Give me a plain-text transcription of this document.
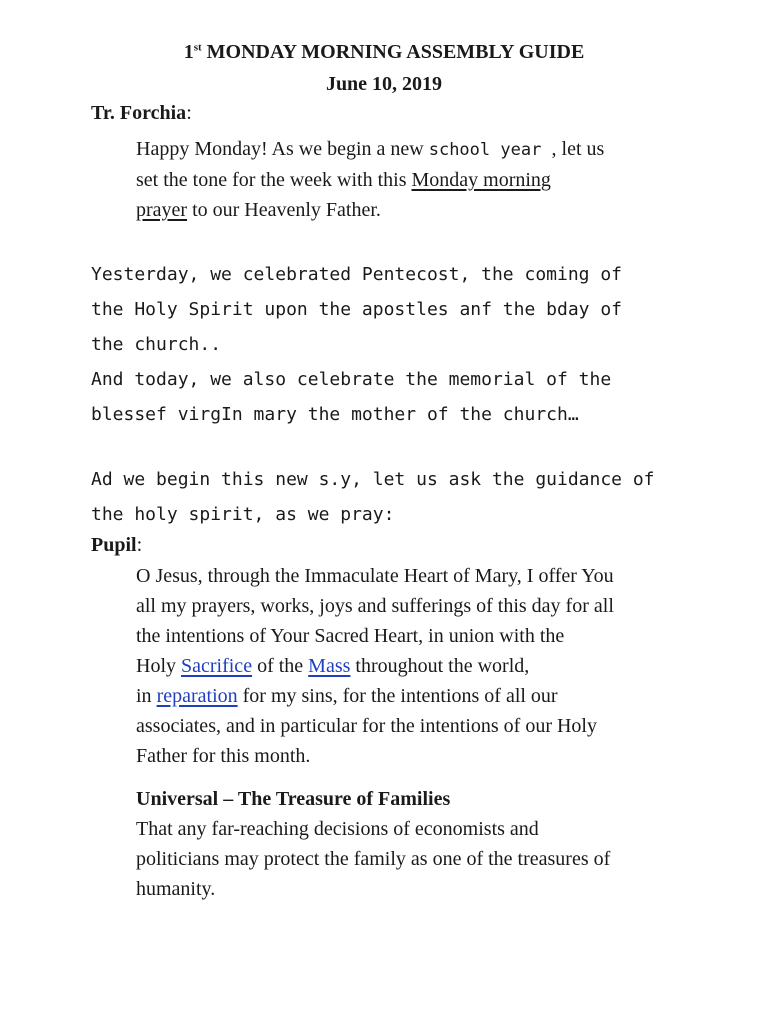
1st MONDAY MORNING ASSEMBLY GUIDE
June 10, 2019
Tr. Forchia:
Happy Monday! As we begin a new school year , let us
set the tone for the week with this Monday morning
prayer to our Heavenly Father.
Yesterday, we celebrated Pentecost, the coming of
the Holy Spirit upon the apostles anf the bday of
the church..
And today, we also celebrate the memorial of the
blessef virgIn mary the mother of the church…
Ad we begin this new s.y, let us ask the guidance of
the holy spirit, as we pray:
Pupil:
O Jesus, through the Immaculate Heart of Mary, I offer You
all my prayers, works, joys and sufferings of this day for all
the intentions of Your Sacred Heart, in union with the
Holy Sacrifice of the Mass throughout the world,
in reparation for my sins, for the intentions of all our
associates, and in particular for the intentions of our Holy
Father for this month.
Universal – The Treasure of Families
That any far-reaching decisions of economists and
politicians may protect the family as one of the treasures of
humanity.
